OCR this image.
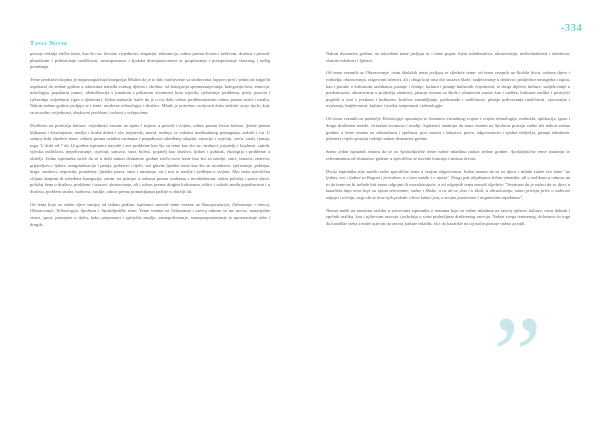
-334
Tanja Novak

postaje važnije etičke teme, kao što su: životne vrijednosti, empatija, tolerancija, odnos prema živom i neživom, društvu i prirodi, pluralizam i prihvaćanje različitosti, ravnopravnost i ljudska dostojanstvenost te propitivanje i preispitivanje vlastitog i tuđeg ponašanja.

Teme predstava kojima je najpristupačnija kategorija Mislim da je to bilo suočavanje sa strahovima (upravo prvi i jedan od najjačih aspekata) do sedme godine u odnosima između svakog djeteta i okoline, od kategorija sporazumijevanja, kategorija bića, emocija, mitologija, popularni junaci, identifikacija s junakom i prikazom stvarnosti kroz osjetila, rješavanje problema, priča, pravila i rješavanja vrijednosti (igra s djetetom). Jedan ispitanik ističe da je u toj dobi važno problematizirati odnos prema smrti i mraku. Nakon sedme godine javljaju se i teme: moderne tehnologije i društvo. Mlade je potrebno osvijestiti kako zaštititi svoje tijelo, koje su moralne vrijednosti, društveni problemi i odnosi s vršnjacima.

Probleme na području kulture, vrijednosti vezane uz njeno i mjesto u prirodi i svijetu, odnos prema živim bićima, ljubav prema biljkama i životinjama, nasilje i borba dobra i zla, nepravda, moral, mržnja, te važnost međusobnog pomaganja, sukobi i rat. U ranijoj dobi sljedeće teme, odnosi prema ostalim osobama i pripadnosti određenoj skupini, emocije i osjećaji, sreća, strah, ljutnja, tuga. U dobi od 7 do 12 godina ispitanici navode i sve probleme kao što su teme kao što su: strahovi, prijatelji i lojalnost, sukob, vjerska različitost, neprihvaćanje, osjećaji, samoća, smrt, bolest, prijatelj kao društvo, ljubav i gubitak, ekologija i probleme u obitelji. Jedno ispitanika ističe da se u dobi nakon dvanaeste godine ističu nove teme kao što su nasilje, smrt, samoća, nesreća, prijateljstvo, ljubav, marginalizacija i patnja, pubertet i tijelo, sve glavne ljudske teme kao što su moralnost, vjerovanje, pohlepa, brige, strahovi, nepravda, poniženje, ljudska prava, smrt i umiranje, rat i mir te nasilje i pohlepa u svijetu. Ako neka specifična ciljana skupina ili određena kategorija, zatim: na primjer u odnosu prema osobama s invaliditetom, zatim položaj i prava djece, položaj žena u društvu, problemi i izazovi obrazovanja, ali i odnos prema drugim kulturama, oblici i sukobi među pojedincima i u društvu, problem straha, hrabrost, nasilje, odnos prema pomanjkanju pažnje u obitelji itd.

Od tema koje su važne djeci starijoj od sedam godina, ispitanici navode teme vezane uz Kategorizacija, Odrastanje i razvoj, Obrazovanje, Tehnologija, Spolnost i Apokaliptičke teme. Teme vezane uz Odrastanje i razvoj odnose se na: novac, materijalne stvari, sport, promjene u tijelu, kako prepoznati i spriječiti nasilje, samopoštovanje, samoprepoznavanje te upoznavanje sebe i drugih,

Nakon dvanaeste godine, uz navedene teme javljaju se i teme poput: krize mladenaštva, obrazovanja, individualnosti i identiteta, vlastite mladosti i ljubavi.

Od tema vezanih uz Obrazovanje, osim školskih tema javljaju se sljedeće teme: od tema vezanih uz školski život, odnosa djece i roditelja, obrazovanja, odgovorni učenici, ali i drugi koji nisu dio sustava škole, sudjelovanje u društvu i posljedice neuspjeha i ispita, kao i poruke o kulturnim razlikama, pisanje i čitanje, kultura i pitanje kulturnih vrijednosti, te drugi dijelovi kulture, sudjelovanje u predstavama, obrazovanje u području znanosti, pitanja vezana uz škole i obrazovni sustav kao i razlike, kulturne razlike i postojeći pogledi u vezi s jezikom i kulturom, kritično razmišljanje, predrasude i različitosti, pitanje prihvaćanja različitosti, vjerovanja i uvjerenja, književnosti, kulture i jezika, umjetnosti i tehnologije.

Od tema vezanih za područje Tehnologije spominju se fenomen virtualnog svijeta i svijeta tehnologija, mobitela, aplikacija, igara i druge društvene mreže, virtualna stvarnost i mediji. Ispitanici smatraju da teme vezane uz Spolnost postaju važne tek nakon sedme godine, a teme vezane uz seksualnost i spolnost, prvi susreti i iskustva, prava, odgovornosti i spolna obilježja, pitanja identiteta, pubertet i tijelo postaju važnije nakon dvanaeste godine.

Samo jedan ispitanik smatra da se za Apokaliptične teme važne mladima nakon sedme godine. Apokaliptične teme smatraju se relevantnima od dvanaeste godine, a specifično se navode koncept i smisao života.

Dvoje ispitanika nije navelo neke specifične teme u svojim odgovorima. Jedan smatra da su za djecu i mlade važne sve teme "uz ljubav, svu i ljubav sa Bogom i prirodom, a u tom smislu i o njima". Drugi pak objašnjava sličnu tematiku, ali s razlikom u odnosu na to da teme ne bi trebale biti samo odgojne ili moralizirajuće, a od odgojnih tema navodi sljedeće: "Smatram da je važno da se djeci u kazalištu daju teme koje su njima relevantne, važne i bliske, a ne da se, kao i u školi, u obrazovanju, samo pričaju priče o važnosti odgoja i učenja, nego da se kroz njih prikaže i život kakav jest, u svojim pozitivnim i negativnim aspektima".

Nismo naišli na izuzetnu razliku u stavovima ispitanika o temama koje su važne mladima za razvoj njihove kulture, osim dobnih i spolnih razlika, kao i njihovom razvoju i položaju u svim područjima društvenog razvoja. Nakon svega iznesenog, dolazimo do toga da kazalište treba i može utjecati na razvoj kulture mladih, ali i da kazalište na taj način postaje važno za njih.

”
